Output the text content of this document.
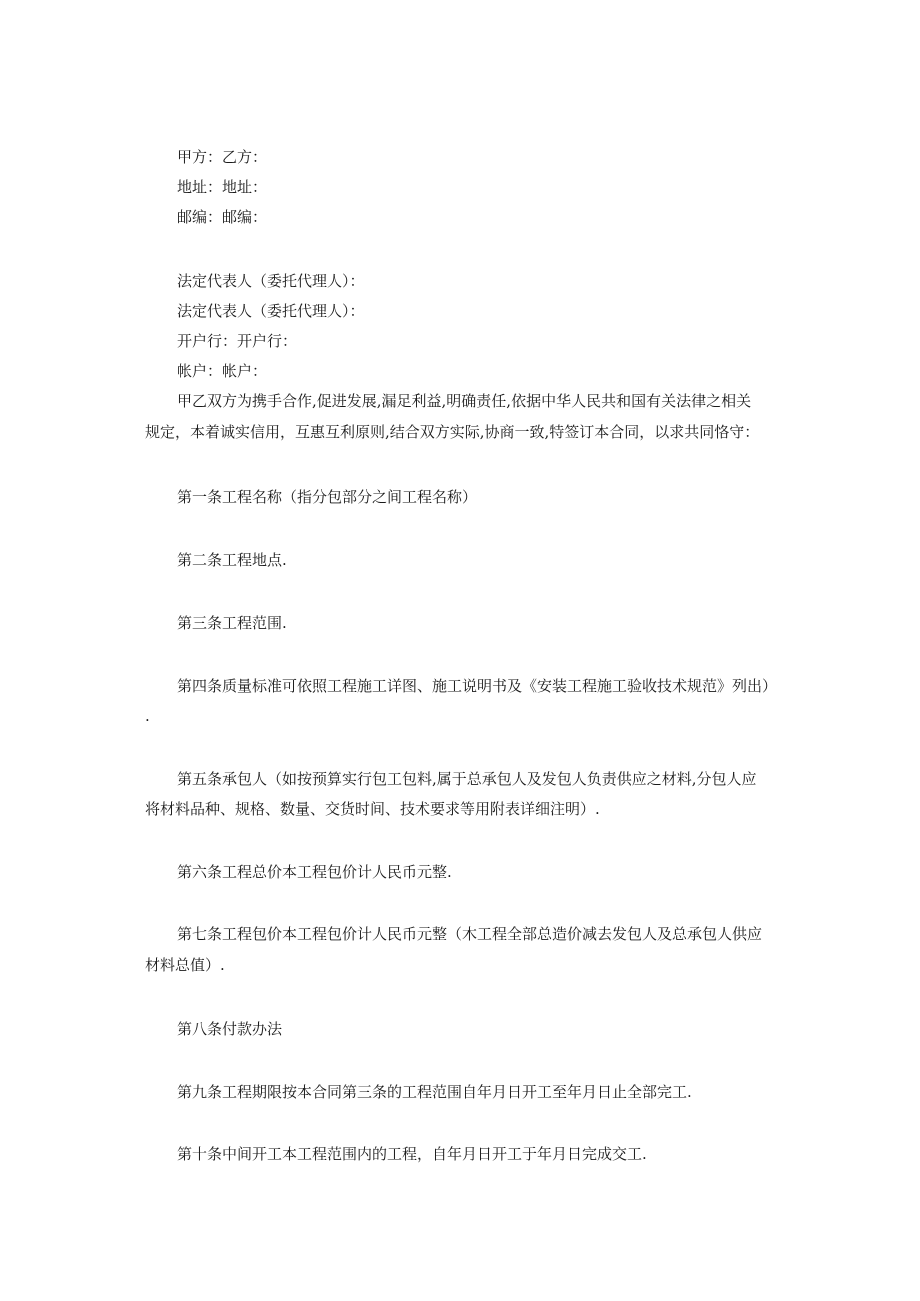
甲方：乙方：

地址：地址：

邮编：邮编：

法定代表人（委托代理人）：

法定代表人（委托代理人）：

开户行：开户行：

帐户：帐户：

甲乙双方为携手合作,促进发展,漏足利益,明确责任,依据中华人民共和国有关法律之相关

规定，本着诚实信用，互惠互利原则,结合双方实际,协商一致,特签订本合同，以求共同恪守：

第一条工程名称（指分包部分之间工程名称）

第二条工程地点.

第三条工程范围.

第四条质量标准可依照工程施工详图、施工说明书及《安装工程施工验收技术规范》列出）

.

第五条承包人（如按预算实行包工包料,属于总承包人及发包人负责供应之材料,分包人应

将材料品种、规格、数量、交货时间、技术要求等用附表详细注明）.

第六条工程总价本工程包价计人民币元整.

第七条工程包价本工程包价计人民币元整（木工程全部总造价减去发包人及总承包人供应

材料总值）.

第八条付款办法

第九条工程期限按本合同第三条的工程范围自年月日开工至年月日止全部完工.

第十条中间开工本工程范围内的工程，自年月日开工于年月日完成交工.
